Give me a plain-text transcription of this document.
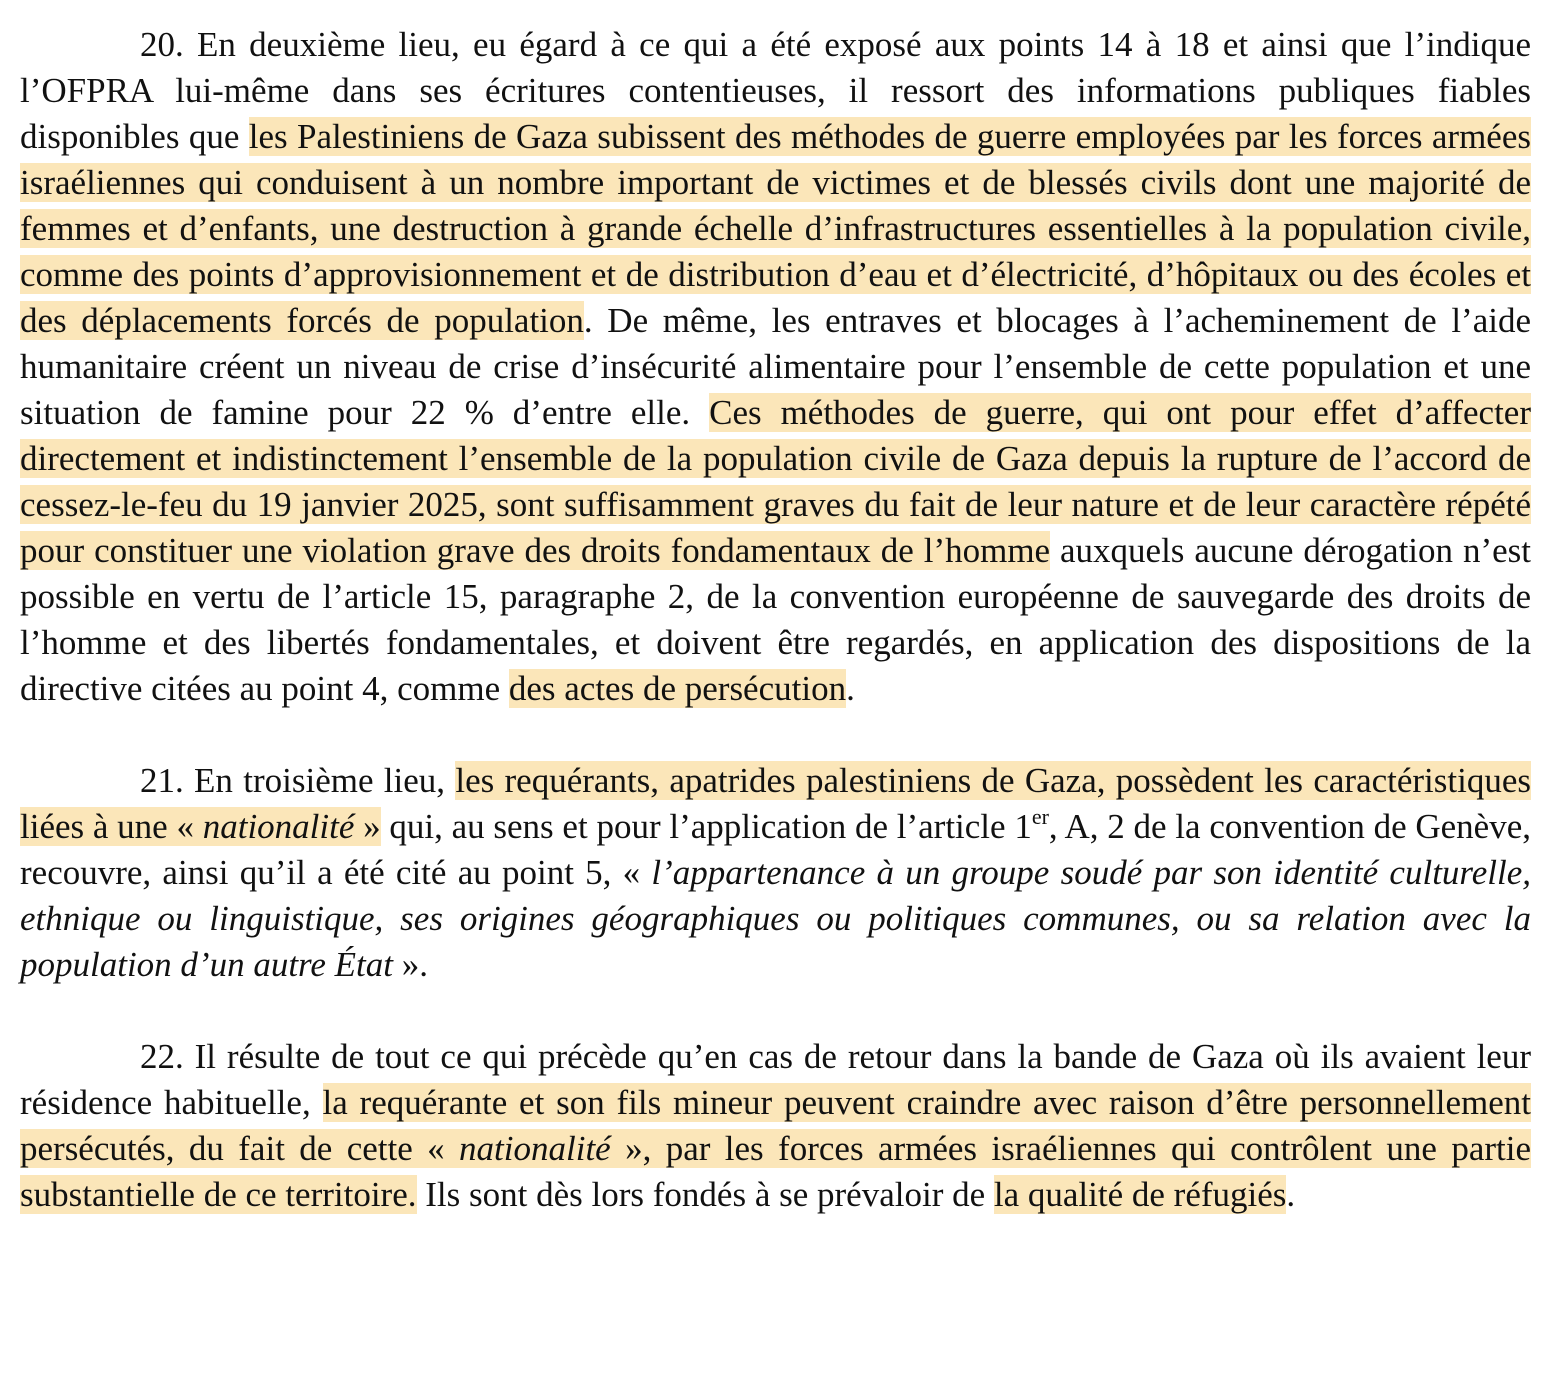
20. En deuxième lieu, eu égard à ce qui a été exposé aux points 14 à 18 et ainsi que l’indique l’OFPRA lui-même dans ses écritures contentieuses, il ressort des informations publiques fiables disponibles que les Palestiniens de Gaza subissent des méthodes de guerre employées par les forces armées israéliennes qui conduisent à un nombre important de victimes et de blessés civils dont une majorité de femmes et d’enfants, une destruction à grande échelle d’infrastructures essentielles à la population civile, comme des points d’approvisionnement et de distribution d’eau et d’électricité, d’hôpitaux ou des écoles et des déplacements forcés de population. De même, les entraves et blocages à l’acheminement de l’aide humanitaire créent un niveau de crise d’insécurité alimentaire pour l’ensemble de cette population et une situation de famine pour 22 % d’entre elle. Ces méthodes de guerre, qui ont pour effet d’affecter directement et indistinctement l’ensemble de la population civile de Gaza depuis la rupture de l’accord de cessez-le-feu du 19 janvier 2025, sont suffisamment graves du fait de leur nature et de leur caractère répété pour constituer une violation grave des droits fondamentaux de l’homme auxquels aucune dérogation n’est possible en vertu de l’article 15, paragraphe 2, de la convention européenne de sauvegarde des droits de l’homme et des libertés fondamentales, et doivent être regardés, en application des dispositions de la directive citées au point 4, comme des actes de persécution.

21. En troisième lieu, les requérants, apatrides palestiniens de Gaza, possèdent les caractéristiques liées à une « nationalité » qui, au sens et pour l’application de l’article 1er, A, 2 de la convention de Genève, recouvre, ainsi qu’il a été cité au point 5, « l’appartenance à un groupe soudé par son identité culturelle, ethnique ou linguistique, ses origines géographiques ou politiques communes, ou sa relation avec la population d’un autre État ».

22. Il résulte de tout ce qui précède qu’en cas de retour dans la bande de Gaza où ils avaient leur résidence habituelle, la requérante et son fils mineur peuvent craindre avec raison d’être personnellement persécutés, du fait de cette « nationalité », par les forces armées israéliennes qui contrôlent une partie substantielle de ce territoire. Ils sont dès lors fondés à se prévaloir de la qualité de réfugiés.
